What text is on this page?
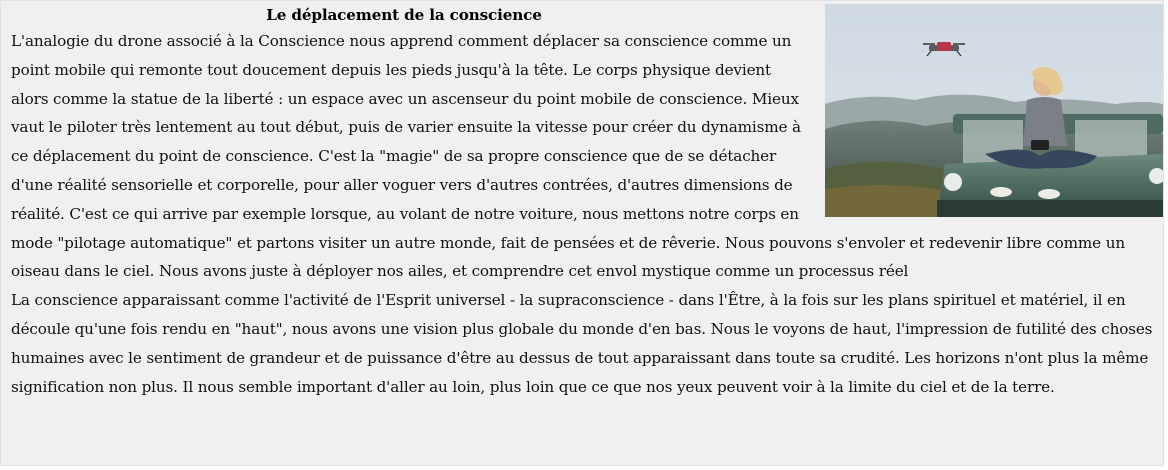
Le déplacement de la conscience

L'analogie du drone associé à la Conscience nous apprend comment déplacer sa conscience comme un point mobile qui remonte tout doucement depuis les pieds jusqu'à la tête. Le corps physique devient alors comme la statue de la liberté : un espace avec un ascenseur du point mobile de conscience. Mieux vaut le piloter très lentement au tout début, puis de varier ensuite la vitesse pour créer du dynamisme à ce déplacement du point de conscience. C'est la "magie" de sa propre conscience que de se détacher d'une réalité sensorielle et corporelle, pour aller voguer vers d'autres contrées, d'autres dimensions de réalité. C'est ce qui arrive par exemple lorsque, au volant de notre voiture, nous mettons notre corps en mode "pilotage automatique" et partons visiter un autre monde, fait de pensées et de rêverie. Nous pouvons s'envoler et redevenir libre comme un oiseau dans le ciel. Nous avons juste à déployer nos ailes, et comprendre cet envol mystique comme un processus réel

La conscience apparaissant comme l'activité de l'Esprit universel - la supraconscience - dans l'Être, à la fois sur les plans spirituel et matériel, il en découle qu'une fois rendu en "haut", nous avons une vision plus globale du monde d'en bas. Nous le voyons de haut, l'impression de futilité des choses humaines avec le sentiment de grandeur et de puissance d'être au dessus de tout apparaissant dans toute sa crudité. Les horizons n'ont plus la même signification non plus. Il nous semble important d'aller au loin, plus loin que ce que nos yeux peuvent voir à la limite du ciel et de la terre.
